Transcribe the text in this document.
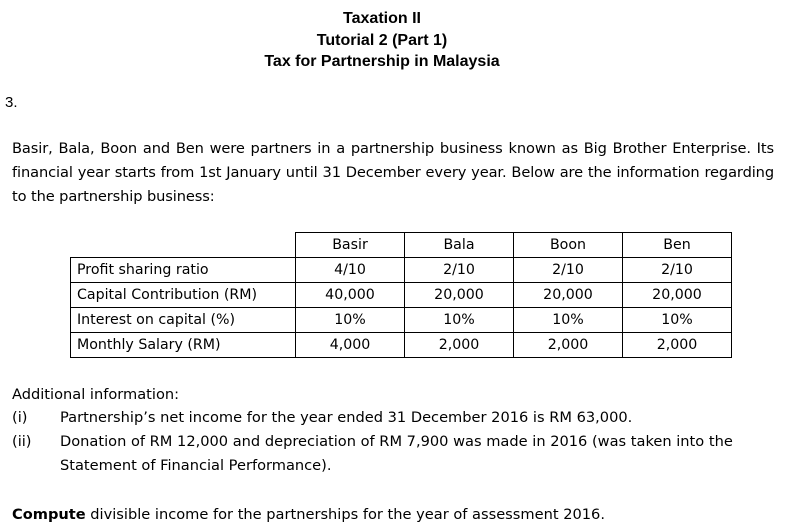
Taxation II
Tutorial 2 (Part 1)
Tax for Partnership in Malaysia
3.
Basir, Bala, Boon and Ben were partners in a partnership business known as Big Brother Enterprise. Its financial year starts from 1st January until 31 December every year. Below are the information regarding to the partnership business:
	Basir	Bala	Boon	Ben
Profit sharing ratio	4/10	2/10	2/10	2/10
Capital Contribution (RM)	40,000	20,000	20,000	20,000
Interest on capital (%)	10%	10%	10%	10%
Monthly Salary (RM)	4,000	2,000	2,000	2,000
Additional information:
(i)	Partnership’s net income for the year ended 31 December 2016 is RM 63,000.
(ii)	Donation of RM 12,000 and depreciation of RM 7,900 was made in 2016 (was taken into the Statement of Financial Performance).
Compute divisible income for the partnerships for the year of assessment 2016.
